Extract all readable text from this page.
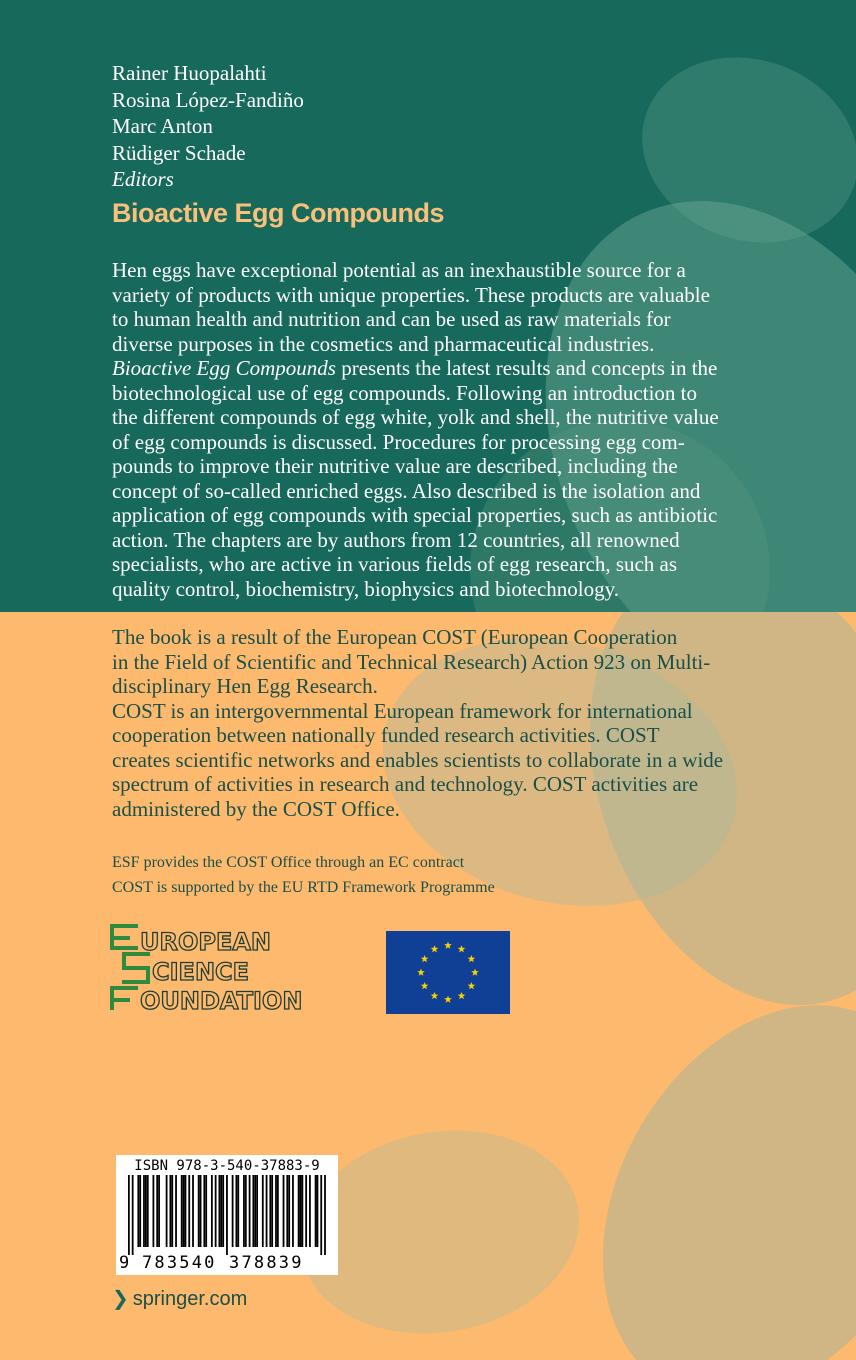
Rainer Huopalahti
Rosina López-Fandiño
Marc Anton
Rüdiger Schade
Editors
Bioactive Egg Compounds

Hen eggs have exceptional potential as an inexhaustible source for a

variety of products with unique properties. These products are valuable

to human health and nutrition and can be used as raw materials for

diverse purposes in the cosmetics and pharmaceutical industries.

Bioactive Egg Compounds presents the latest results and concepts in the

biotechnological use of egg compounds. Following an introduction to

the different compounds of egg white, yolk and shell, the nutritive value

of egg compounds is discussed. Procedures for processing egg com-

pounds to improve their nutritive value are described, including the

concept of so-called enriched eggs. Also described is the isolation and

application of egg compounds with special properties, such as antibiotic

action. The chapters are by authors from 12 countries, all renowned

specialists, who are active in various fields of egg research, such as

quality control, biochemistry, biophysics and biotechnology.

The book is a result of the European COST (European Cooperation

in the Field of Scientific and Technical Research) Action 923 on Multi-

disciplinary Hen Egg Research.

COST is an intergovernmental European framework for international

cooperation between nationally funded research activities. COST

creates scientific networks and enables scientists to collaborate in a wide

spectrum of activities in research and technology. COST activities are

administered by the COST Office.

ESF provides the COST Office through an EC contract
COST is supported by the EU RTD Framework Programme
UROPEAN
CIENCE
OUNDATION
ISBN 978-3-540-37883-9
9 783540 378839
❯ springer.com
